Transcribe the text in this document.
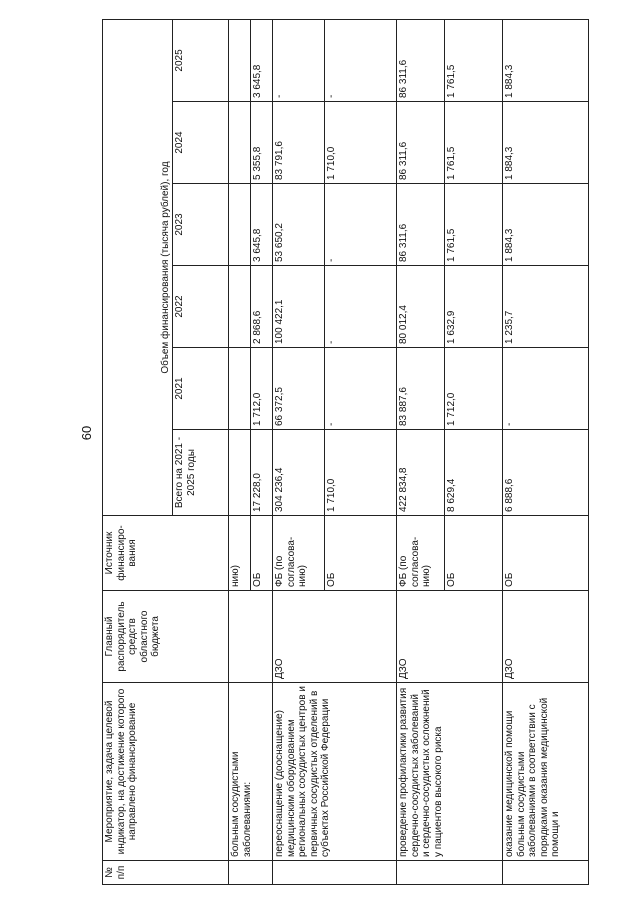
60
№ п/п	Мероприятие, задача целевой индикатор, на достижение которого направлено финансирование	Главный распорядитель средств областного бюджета	Источник финансиро-вания	Объем финансирования (тысяча рублей), год					
				Всего на 2021 - 2025 годы	2021	2022	2023	2024	2025
	больным сосудистыми заболеваниями:		нию)						
			ОБ	17 228,0	1 712,0	2 868,6	3 645,8	5 355,8	3 645,8
	переоснащение (дооснащение) медицинским оборудованием региональных сосудистых центров и первичных сосудистых отделений в субъектах Российской Федерации	ДЗО	ФБ (по согласова-нию)	304 236,4	66 372,5	100 422,1	53 650,2	83 791,6	-
			ОБ	1 710,0	-	-	-	1 710,0	-
	проведение профилактики развития сердечно-сосудистых заболеваний и сердечно-сосудистых осложнений у пациентов высокого риска	ДЗО	ФБ (по согласова-нию)	422 834,8	83 887,6	80 012,4	86 311,6	86 311,6	86 311,6
			ОБ	8 629,4	1 712,0	1 632,9	1 761,5	1 761,5	1 761,5
	оказание медицинской помощи больным сосудистыми заболеваниями в соответствии с порядками оказания медицинской помощи и	ДЗО	ОБ	6 888,6	-	1 235,7	1 884,3	1 884,3	1 884,3
